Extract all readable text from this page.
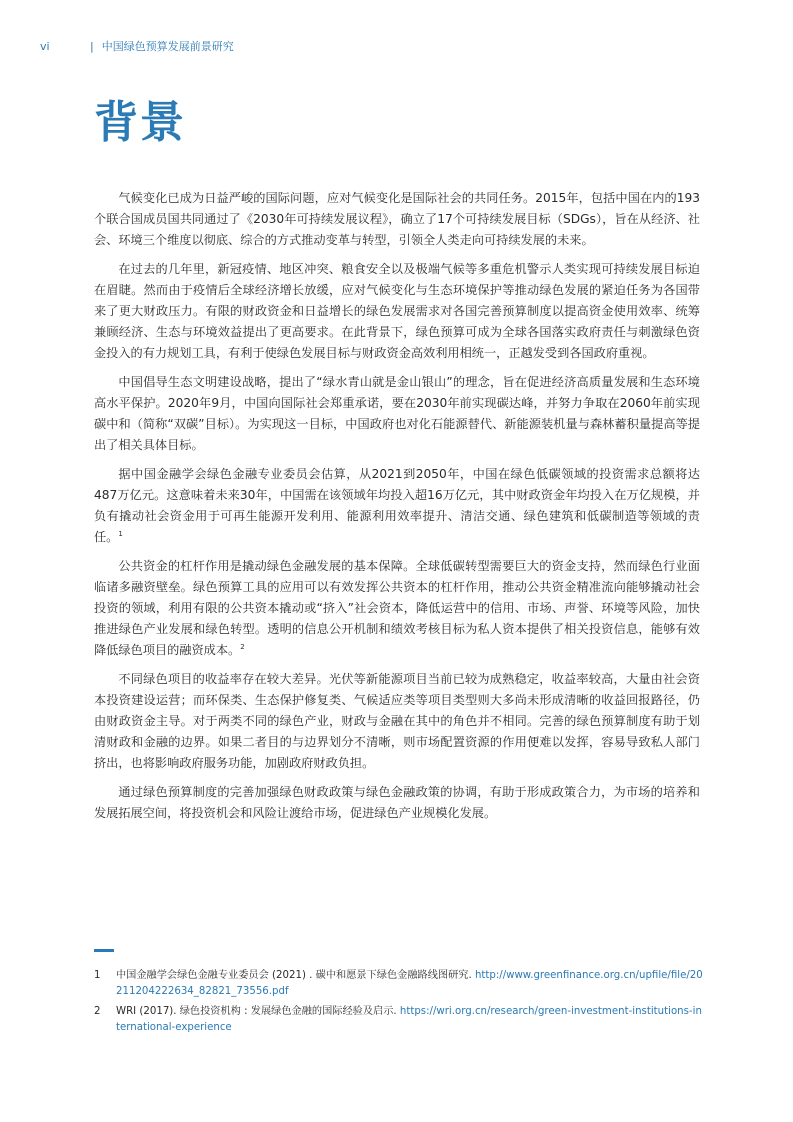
vi	| 中国绿色预算发展前景研究
背景

气候变化已成为日益严峻的国际问题，应对气候变化是国际社会的共同任务。2015年，包括中国在内的193个联合国成员国共同通过了《2030年可持续发展议程》，确立了17个可持续发展目标（SDGs），旨在从经济、社会、环境三个维度以彻底、综合的方式推动变革与转型，引领全人类走向可持续发展的未来。

在过去的几年里，新冠疫情、地区冲突、粮食安全以及极端气候等多重危机警示人类实现可持续发展目标迫在眉睫。然而由于疫情后全球经济增长放缓，应对气候变化与生态环境保护等推动绿色发展的紧迫任务为各国带来了更大财政压力。有限的财政资金和日益增长的绿色发展需求对各国完善预算制度以提高资金使用效率、统筹兼顾经济、生态与环境效益提出了更高要求。在此背景下，绿色预算可成为全球各国落实政府责任与刺激绿色资金投入的有力规划工具，有利于使绿色发展目标与财政资金高效利用相统一，正越发受到各国政府重视。

中国倡导生态文明建设战略，提出了“绿水青山就是金山银山”的理念，旨在促进经济高质量发展和生态环境高水平保护。2020年9月，中国向国际社会郑重承诺，要在2030年前实现碳达峰，并努力争取在2060年前实现碳中和（简称“双碳”目标）。为实现这一目标，中国政府也对化石能源替代、新能源装机量与森林蓄积量提高等提出了相关具体目标。

据中国金融学会绿色金融专业委员会估算，从2021到2050年，中国在绿色低碳领域的投资需求总额将达487万亿元。这意味着未来30年，中国需在该领域年均投入超16万亿元，其中财政资金年均投入在万亿规模，并负有撬动社会资金用于可再生能源开发利用、能源利用效率提升、清洁交通、绿色建筑和低碳制造等领域的责任。$^1$

公共资金的杠杆作用是撬动绿色金融发展的基本保障。全球低碳转型需要巨大的资金支持，然而绿色行业面临诸多融资壁垒。绿色预算工具的应用可以有效发挥公共资本的杠杆作用，推动公共资金精准流向能够撬动社会投资的领域，利用有限的公共资本撬动或“挤入”社会资本，降低运营中的信用、市场、声誉、环境等风险，加快推进绿色产业发展和绿色转型。透明的信息公开机制和绩效考核目标为私人资本提供了相关投资信息，能够有效降低绿色项目的融资成本。$^2$

不同绿色项目的收益率存在较大差异。光伏等新能源项目当前已较为成熟稳定，收益率较高，大量由社会资本投资建设运营；而环保类、生态保护修复类、气候适应类等项目类型则大多尚未形成清晰的收益回报路径，仍由财政资金主导。对于两类不同的绿色产业，财政与金融在其中的角色并不相同。完善的绿色预算制度有助于划清财政和金融的边界。如果二者目的与边界划分不清晰，则市场配置资源的作用便难以发挥，容易导致私人部门挤出，也将影响政府服务功能，加剧政府财政负担。

通过绿色预算制度的完善加强绿色财政政策与绿色金融政策的协调，有助于形成政策合力，为市场的培养和发展拓展空间，将投资机会和风险让渡给市场，促进绿色产业规模化发展。

1	中国金融学会绿色金融专业委员会 (2021) . 碳中和愿景下绿色金融路线图研究. http://www.greenfinance.org.cn/upfile/file/20211204222634_82821_73556.pdf
2	WRI (2017). 绿色投资机构 : 发展绿色金融的国际经验及启示. https://wri.org.cn/research/green-investment-institutions-international-experience
